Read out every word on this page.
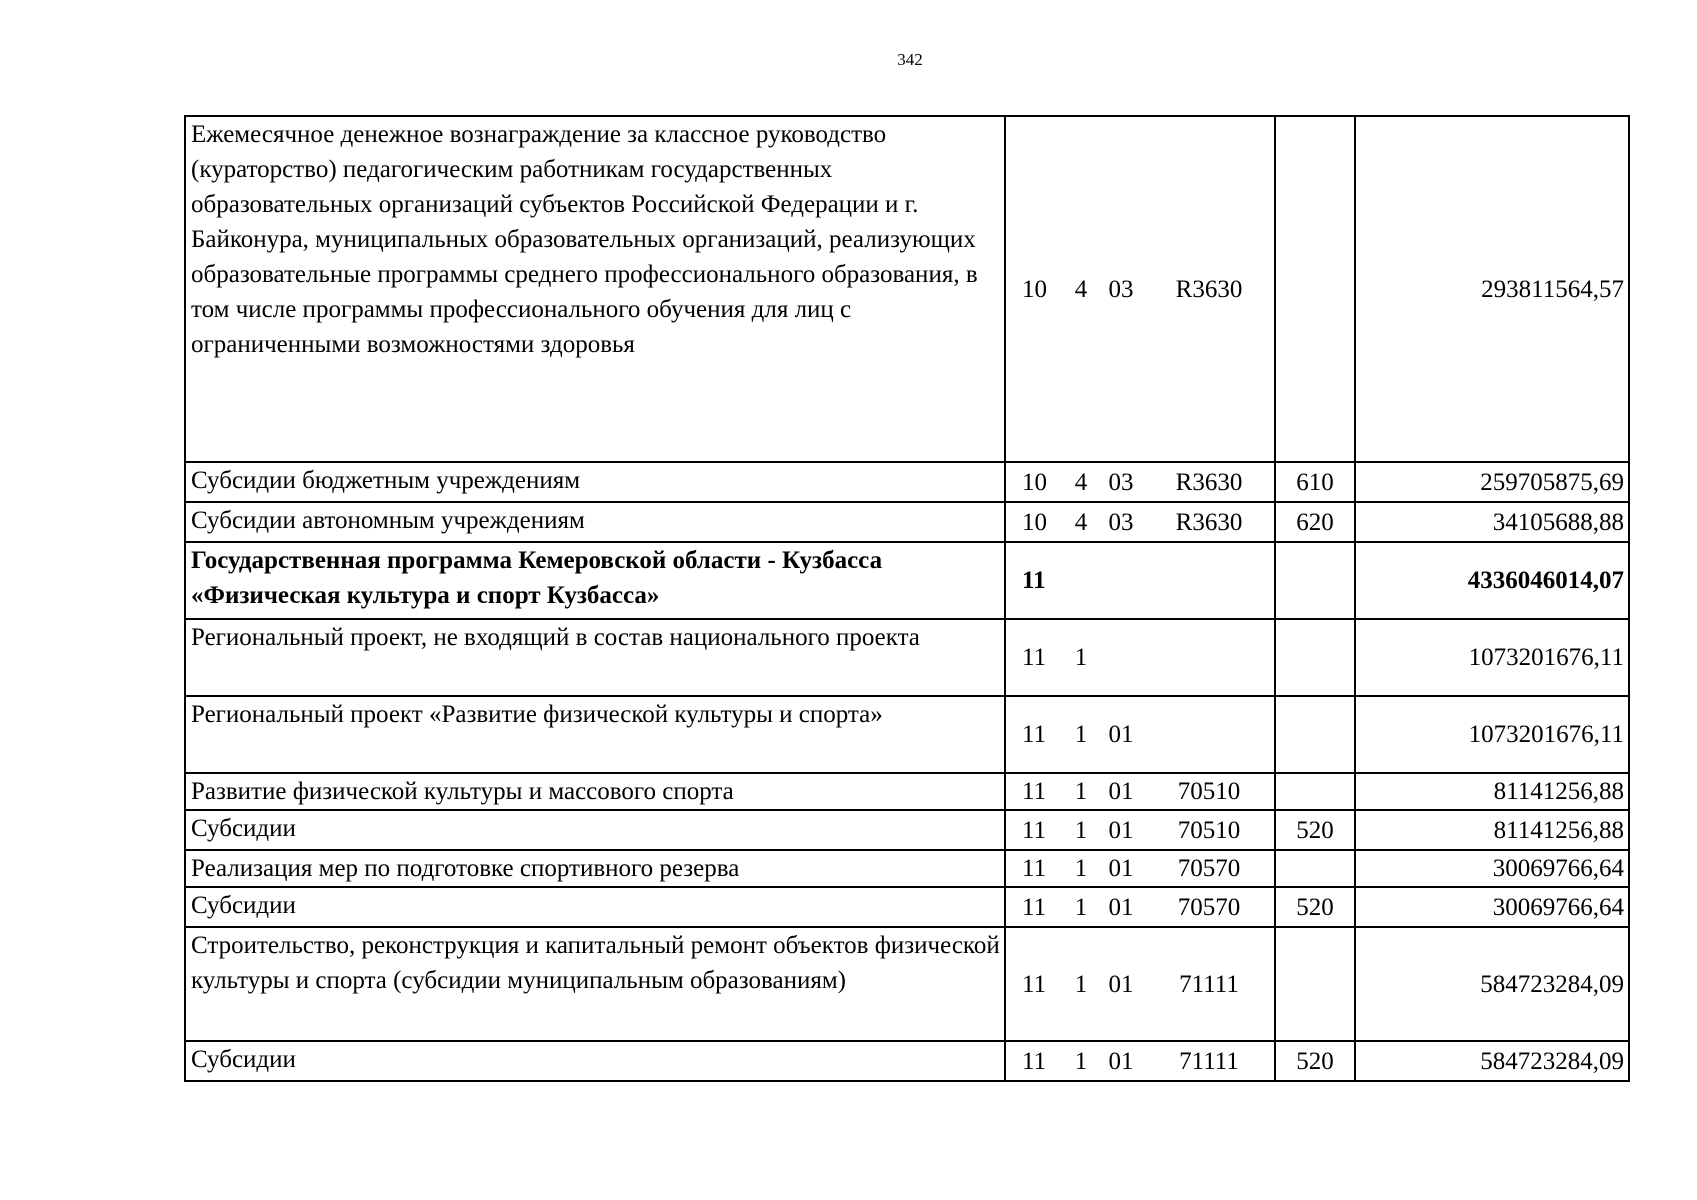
342
Ежемесячное денежное вознаграждение за классное руководство (кураторство) педагогическим работникам государственных образовательных организаций субъектов Российской Федерации и г. Байконура, муниципальных образовательных организаций, реализующих образовательные программы среднего профессионального образования, в том числе программы профессионального обучения для лиц с ограниченными возможностями здоровья	10 4 03 R3630		293811564,57
Субсидии бюджетным учреждениям	10 4 03 R3630	610	259705875,69
Субсидии автономным учреждениям	10 4 03 R3630	620	34105688,88
Государственная программа Кемеровской области - Кузбасса «Физическая культура и спорт Кузбасса»	11		4336046014,07
Региональный проект, не входящий в состав национального проекта	11 1		1073201676,11
Региональный проект «Развитие физической культуры и спорта»	11 1 01		1073201676,11
Развитие физической культуры и массового спорта	11 1 01 70510		81141256,88
Субсидии	11 1 01 70510	520	81141256,88
Реализация мер по подготовке спортивного резерва	11 1 01 70570		30069766,64
Субсидии	11 1 01 70570	520	30069766,64
Строительство, реконструкция и капитальный ремонт объектов физической культуры и спорта (субсидии муниципальным образованиям)	11 1 01 71111		584723284,09
Субсидии	11 1 01 71111	520	584723284,09
